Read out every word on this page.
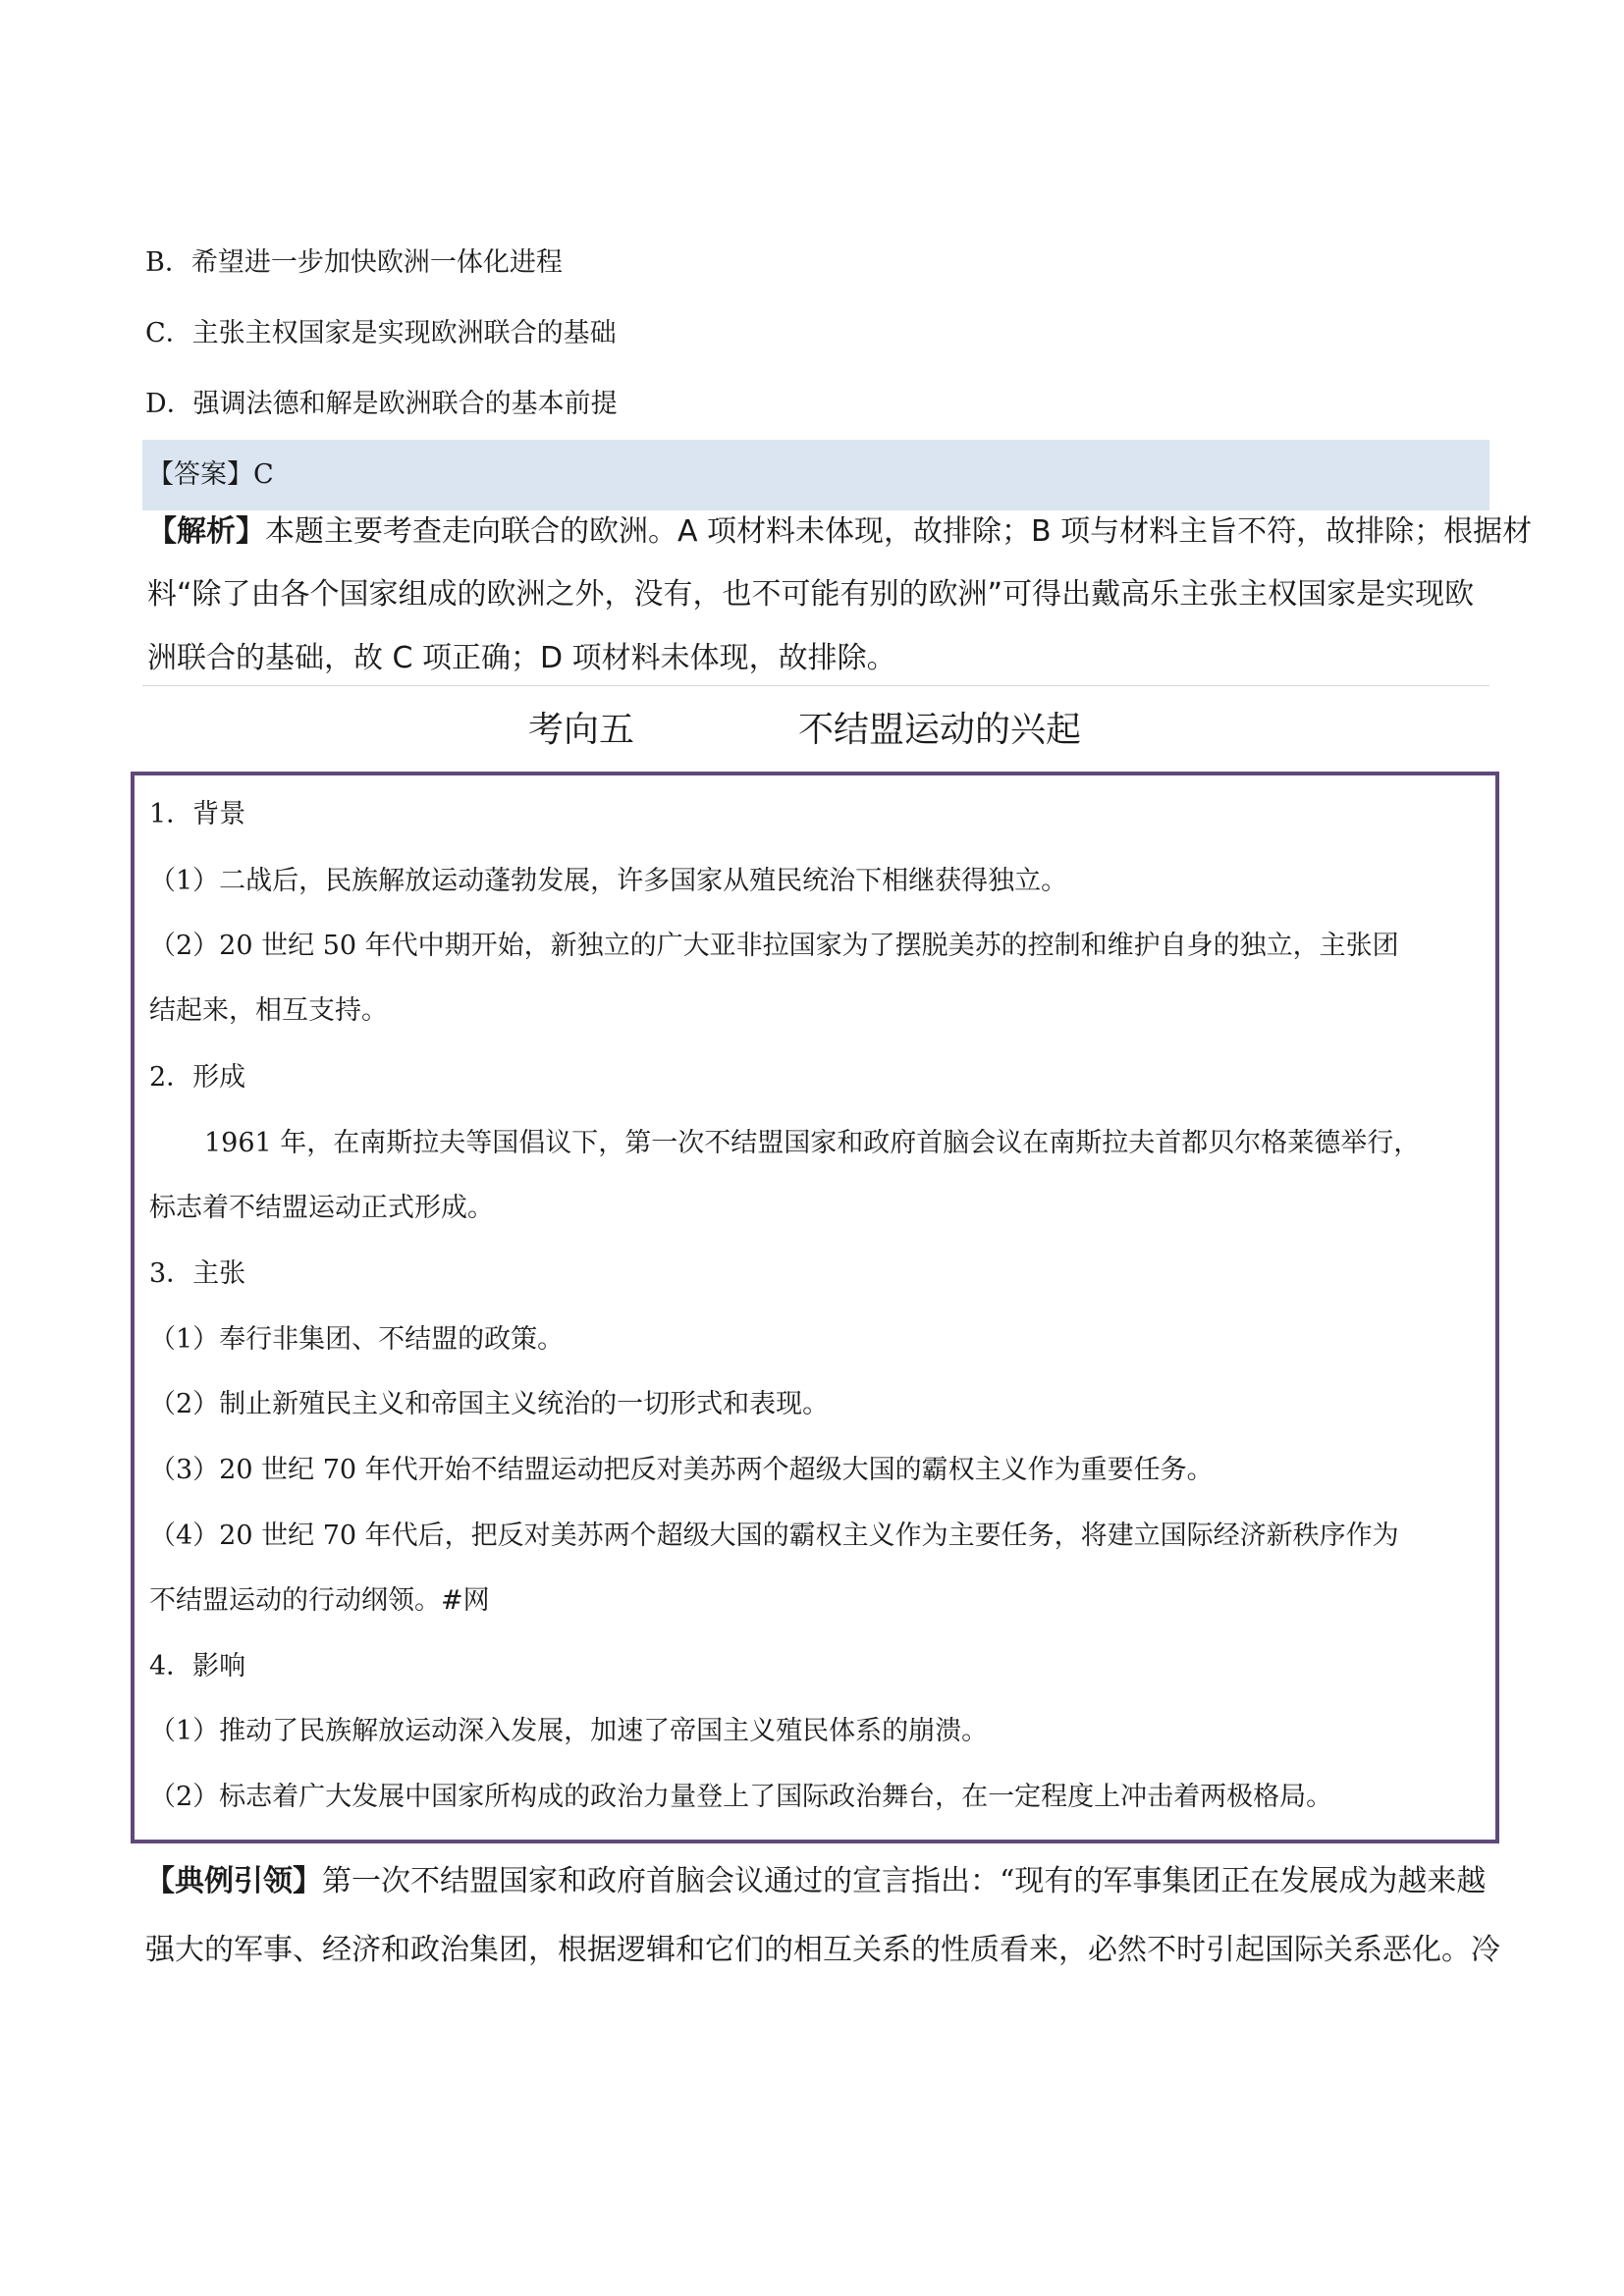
B．希望进一步加快欧洲一体化进程
C．主张主权国家是实现欧洲联合的基础
D．强调法德和解是欧洲联合的基本前提
【答案】C
【解析】本题主要考查走向联合的欧洲。A 项材料未体现，故排除；B 项与材料主旨不符，故排除；根据材
料“除了由各个国家组成的欧洲之外，没有，也不可能有别的欧洲”可得出戴高乐主张主权国家是实现欧
洲联合的基础，故 C 项正确；D 项材料未体现，故排除。
考向五	不结盟运动的兴起
1．背景
（1）二战后，民族解放运动蓬勃发展，许多国家从殖民统治下相继获得独立。
（2）20 世纪 50 年代中期开始，新独立的广大亚非拉国家为了摆脱美苏的控制和维护自身的独立，主张团
结起来，相互支持。
2．形成
1961 年，在南斯拉夫等国倡议下，第一次不结盟国家和政府首脑会议在南斯拉夫首都贝尔格莱德举行，
标志着不结盟运动正式形成。
3．主张
（1）奉行非集团、不结盟的政策。
（2）制止新殖民主义和帝国主义统治的一切形式和表现。
（3）20 世纪 70 年代开始不结盟运动把反对美苏两个超级大国的霸权主义作为重要任务。
（4）20 世纪 70 年代后，把反对美苏两个超级大国的霸权主义作为主要任务，将建立国际经济新秩序作为
不结盟运动的行动纲领。#网
4．影响
（1）推动了民族解放运动深入发展，加速了帝国主义殖民体系的崩溃。
（2）标志着广大发展中国家所构成的政治力量登上了国际政治舞台，在一定程度上冲击着两极格局。
【典例引领】第一次不结盟国家和政府首脑会议通过的宣言指出：“现有的军事集团正在发展成为越来越
强大的军事、经济和政治集团，根据逻辑和它们的相互关系的性质看来，必然不时引起国际关系恶化。冷
